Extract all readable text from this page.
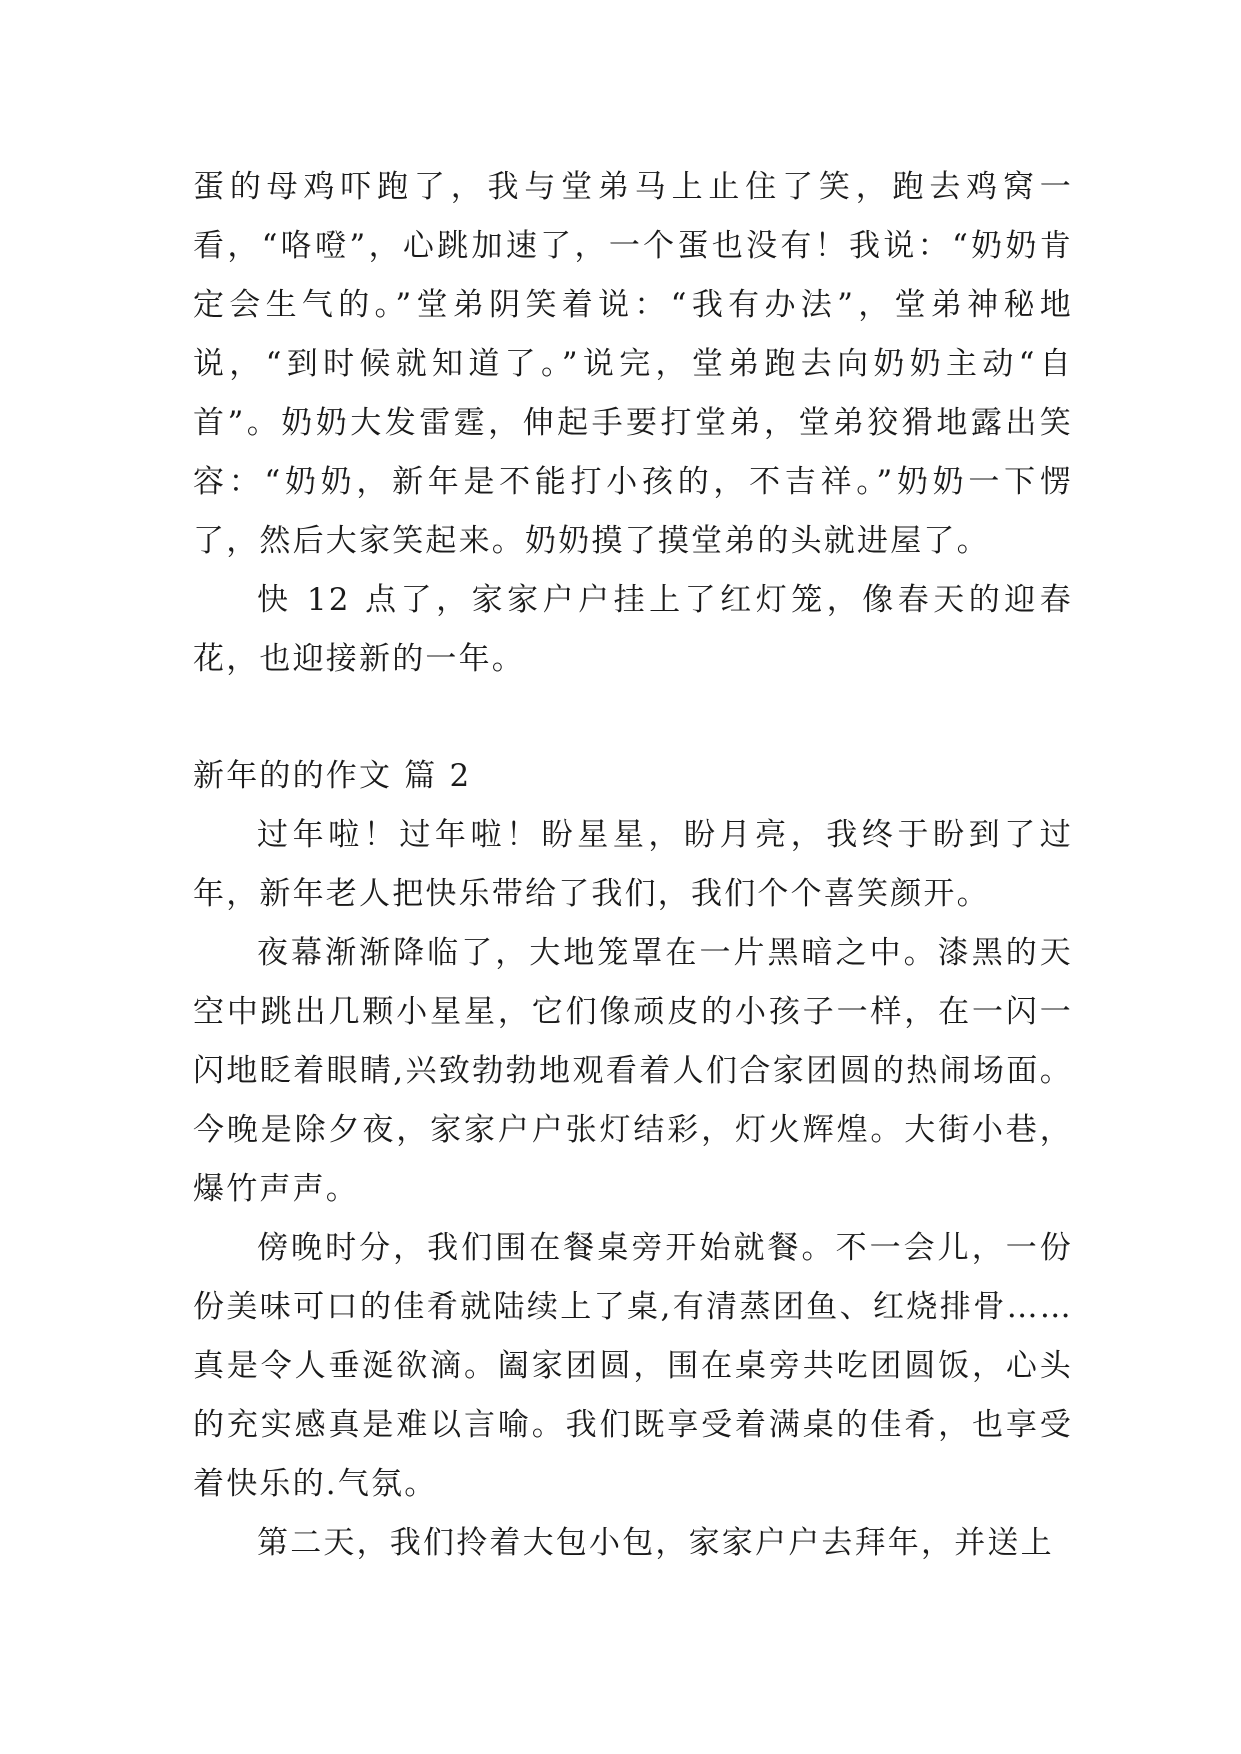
蛋的母鸡吓跑了，我与堂弟马上止住了笑，跑去鸡窝一看，“咯噔”，心跳加速了，一个蛋也没有！我说：“奶奶肯定会生气的。”堂弟阴笑着说：“我有办法”，堂弟神秘地说，“到时候就知道了。”说完，堂弟跑去向奶奶主动“自首”。奶奶大发雷霆，伸起手要打堂弟，堂弟狡猾地露出笑容：“奶奶，新年是不能打小孩的，不吉祥。”奶奶一下愣了，然后大家笑起来。奶奶摸了摸堂弟的头就进屋了。

快 12 点了，家家户户挂上了红灯笼，像春天的迎春花，也迎接新的一年。

新年的的作文 篇 2

过年啦！过年啦！盼星星，盼月亮，我终于盼到了过年，新年老人把快乐带给了我们，我们个个喜笑颜开。

夜幕渐渐降临了，大地笼罩在一片黑暗之中。漆黑的天空中跳出几颗小星星，它们像顽皮的小孩子一样，在一闪一闪地眨着眼睛,兴致勃勃地观看着人们合家团圆的热闹场面。今晚是除夕夜，家家户户张灯结彩，灯火辉煌。大街小巷，爆竹声声。

傍晚时分，我们围在餐桌旁开始就餐。不一会儿，一份份美味可口的佳肴就陆续上了桌,有清蒸团鱼、红烧排骨……真是令人垂涎欲滴。阖家团圆，围在桌旁共吃团圆饭，心头的充实感真是难以言喻。我们既享受着满桌的佳肴，也享受着快乐的.气氛。

第二天，我们拎着大包小包，家家户户去拜年，并送上
